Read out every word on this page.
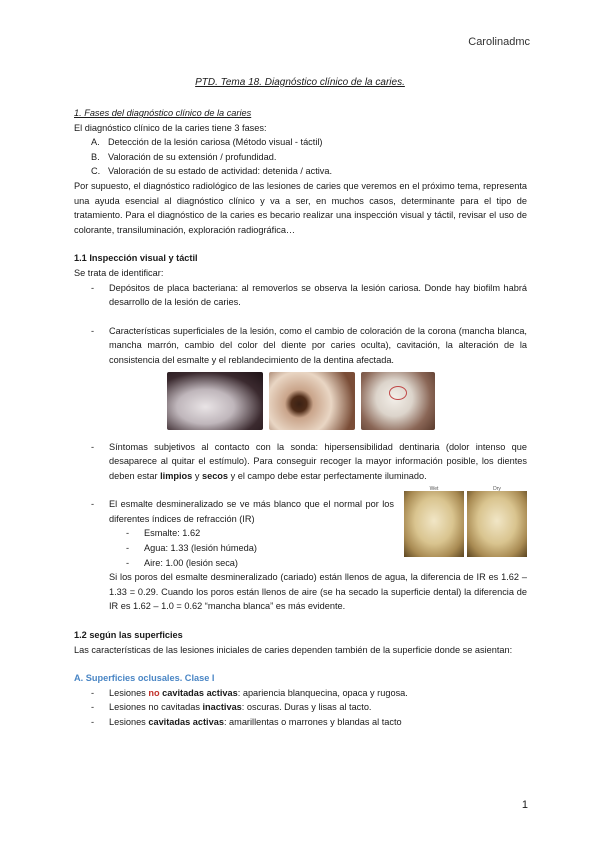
Carolinadmc
PTD. Tema 18. Diagnóstico clínico de la caries.

1. Fases del diagnóstico clínico de la caries

El diagnóstico clínico de la caries tiene 3 fases:

A. Detección de la lesión cariosa (Método visual - táctil)
B. Valoración de su extensión / profundidad.
C. Valoración de su estado de actividad: detenida / activa.

Por supuesto, el diagnóstico radiológico de las lesiones de caries que veremos en el próximo tema, representa una ayuda esencial al diagnóstico clínico y va a ser, en muchos casos, determinante para el tipo de tratamiento. Para el diagnóstico de la caries es becario realizar una inspección visual y táctil, revisar el uso de colorante, transiluminación, exploración radiográfica…

1.1 Inspección visual y táctil

Se trata de identificar:

-	Depósitos de placa bacteriana: al removerlos se observa la lesión cariosa. Donde hay biofilm habrá desarrollo de la lesión de caries.
-	Características superficiales de la lesión, como el cambio de coloración de la corona (mancha blanca, mancha marrón, cambio del color del diente por caries oculta), cavitación, la alteración de la consistencia del esmalte y el reblandecimiento de la dentina afectada.
-	Síntomas subjetivos al contacto con la sonda: hipersensibilidad dentinaria (dolor intenso que desaparece al quitar el estímulo). Para conseguir recoger la mayor información posible, los dientes deben estar limpios y secos y el campo debe estar perfectamente iluminado.
-	El esmalte desmineralizado se ve más blanco que el normal por los diferentes índices de refracción (IR)
-	Esmalte: 1.62
-	Agua: 1.33 (lesión húmeda)
-	Aire: 1.00 (lesión seca)
Wet	Dry

Si los poros del esmalte desmineralizado (cariado) están llenos de agua, la diferencia de IR es 1.62 – 1.33 = 0.29. Cuando los poros están llenos de aire (se ha secado la superficie dental) la diferencia de IR es 1.62 – 1.0 = 0.62 “mancha blanca” es más evidente.

1.2 según las superficies

Las características de las lesiones iniciales de caries dependen también de la superficie donde se asientan:

A. Superficies oclusales. Clase I

-	Lesiones no cavitadas activas: apariencia blanquecina, opaca y rugosa.
-	Lesiones no cavitadas inactivas: oscuras. Duras y lisas al tacto.
-	Lesiones cavitadas activas: amarillentas o marrones y blandas al tacto
1
